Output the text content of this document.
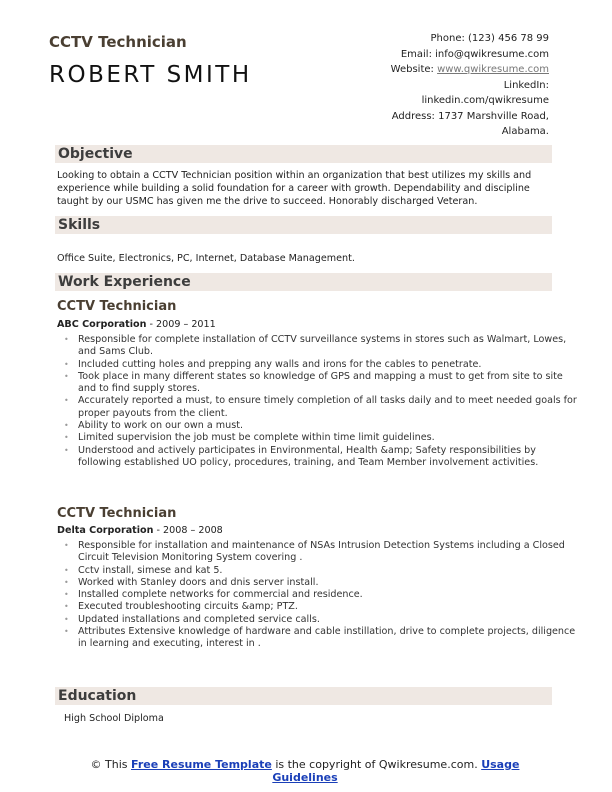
CCTV Technician
ROBERT SMITH
Phone: (123) 456 78 99
Email: info@qwikresume.com
Website: www.qwikresume.com
LinkedIn:
linkedin.com/qwikresume
Address: 1737 Marshville Road,
Alabama.
Objective
Looking to obtain a CCTV Technician position within an organization that best utilizes my skills and experience while building a solid foundation for a career with growth. Dependability and discipline taught by our USMC has given me the drive to succeed. Honorably discharged Veteran.
Skills
Office Suite, Electronics, PC, Internet, Database Management.
Work Experience
CCTV Technician
ABC Corporation - 2009 – 2011
• Responsible for complete installation of CCTV surveillance systems in stores such as Walmart, Lowes, and Sams Club.
• Included cutting holes and prepping any walls and irons for the cables to penetrate.
• Took place in many different states so knowledge of GPS and mapping a must to get from site to site and to find supply stores.
• Accurately reported a must, to ensure timely completion of all tasks daily and to meet needed goals for proper payouts from the client.
• Ability to work on our own a must.
• Limited supervision the job must be complete within time limit guidelines.
• Understood and actively participates in Environmental, Health &amp; Safety responsibilities by following established UO policy, procedures, training, and Team Member involvement activities.
CCTV Technician
Delta Corporation - 2008 – 2008
• Responsible for installation and maintenance of NSAs Intrusion Detection Systems including a Closed Circuit Television Monitoring System covering .
• Cctv install, simese and kat 5.
• Worked with Stanley doors and dnis server install.
• Installed complete networks for commercial and residence.
• Executed troubleshooting circuits &amp; PTZ.
• Updated installations and completed service calls.
• Attributes Extensive knowledge of hardware and cable instillation, drive to complete projects, diligence in learning and executing, interest in .
Education
High School Diploma
© This Free Resume Template is the copyright of Qwikresume.com. Usage Guidelines
